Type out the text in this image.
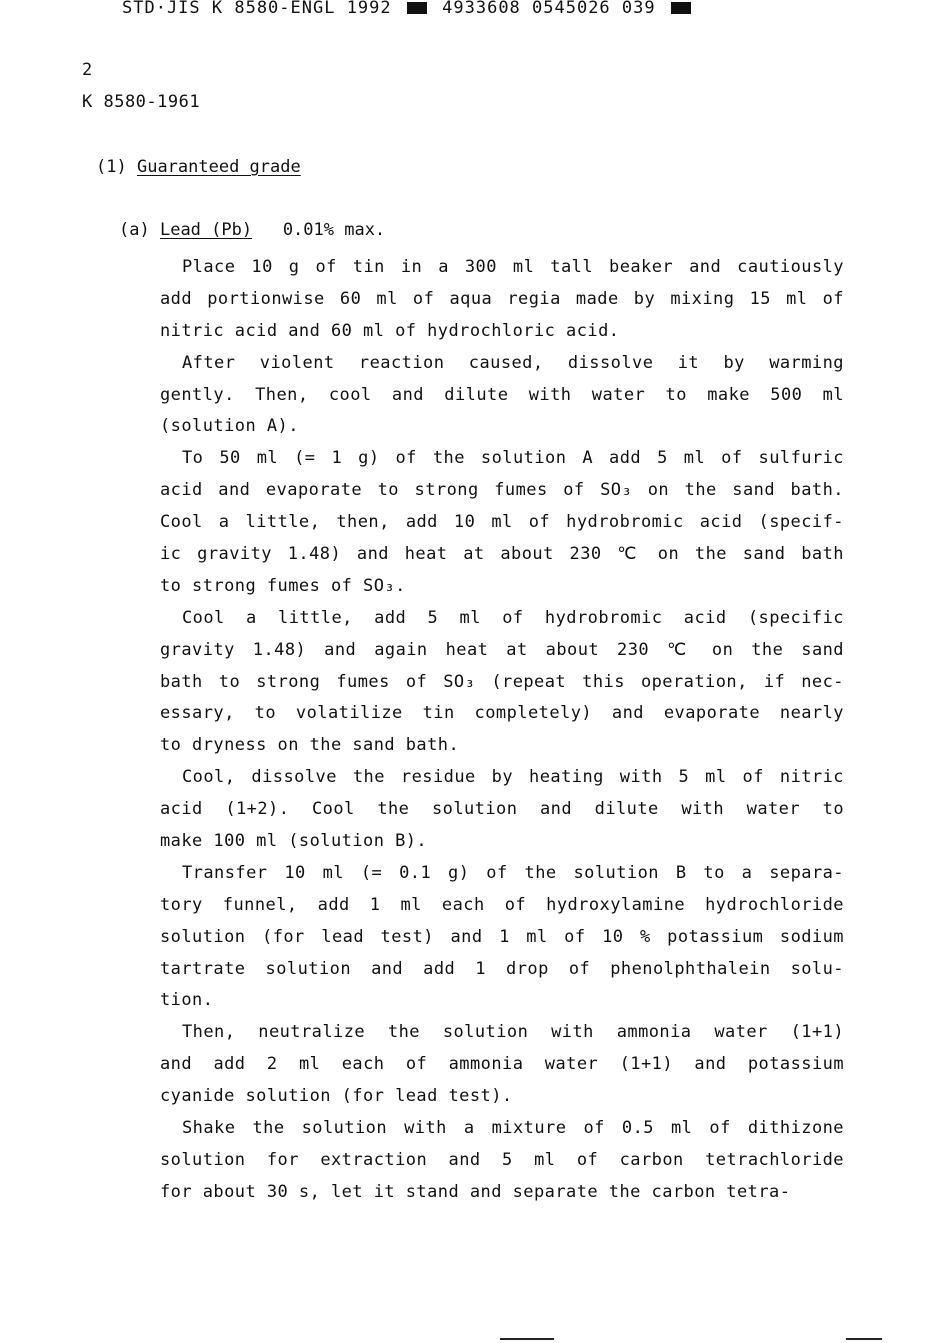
STD·JIS K 8580-ENGL 1992	4933608 0545026 039
2
K 8580-1961
(1) Guaranteed grade
(a) Lead (Pb) 0.01% max.
Place 10 g of tin in a 300 ml tall beaker and cautiously
add portionwise 60 ml of aqua regia made by mixing 15 ml of
nitric acid and 60 ml of hydrochloric acid.
After violent reaction caused, dissolve it by warming
gently. Then, cool and dilute with water to make 500 ml
(solution A).
To 50 ml (= 1 g) of the solution A add 5 ml of sulfuric
acid and evaporate to strong fumes of SO₃ on the sand bath.
Cool a little, then, add 10 ml of hydrobromic acid (specif-
ic gravity 1.48) and heat at about 230 ℃ on the sand bath
to strong fumes of SO₃.
Cool a little, add 5 ml of hydrobromic acid (specific
gravity 1.48) and again heat at about 230 ℃ on the sand
bath to strong fumes of SO₃ (repeat this operation, if nec-
essary, to volatilize tin completely) and evaporate nearly
to dryness on the sand bath.
Cool, dissolve the residue by heating with 5 ml of nitric
acid (1+2). Cool the solution and dilute with water to
make 100 ml (solution B).
Transfer 10 ml (= 0.1 g) of the solution B to a separa-
tory funnel, add 1 ml each of hydroxylamine hydrochloride
solution (for lead test) and 1 ml of 10 % potassium sodium
tartrate solution and add 1 drop of phenolphthalein solu-
tion.
Then, neutralize the solution with ammonia water (1+1)
and add 2 ml each of ammonia water (1+1) and potassium
cyanide solution (for lead test).
Shake the solution with a mixture of 0.5 ml of dithizone
solution for extraction and 5 ml of carbon tetrachloride
for about 30 s, let it stand and separate the carbon tetra-
